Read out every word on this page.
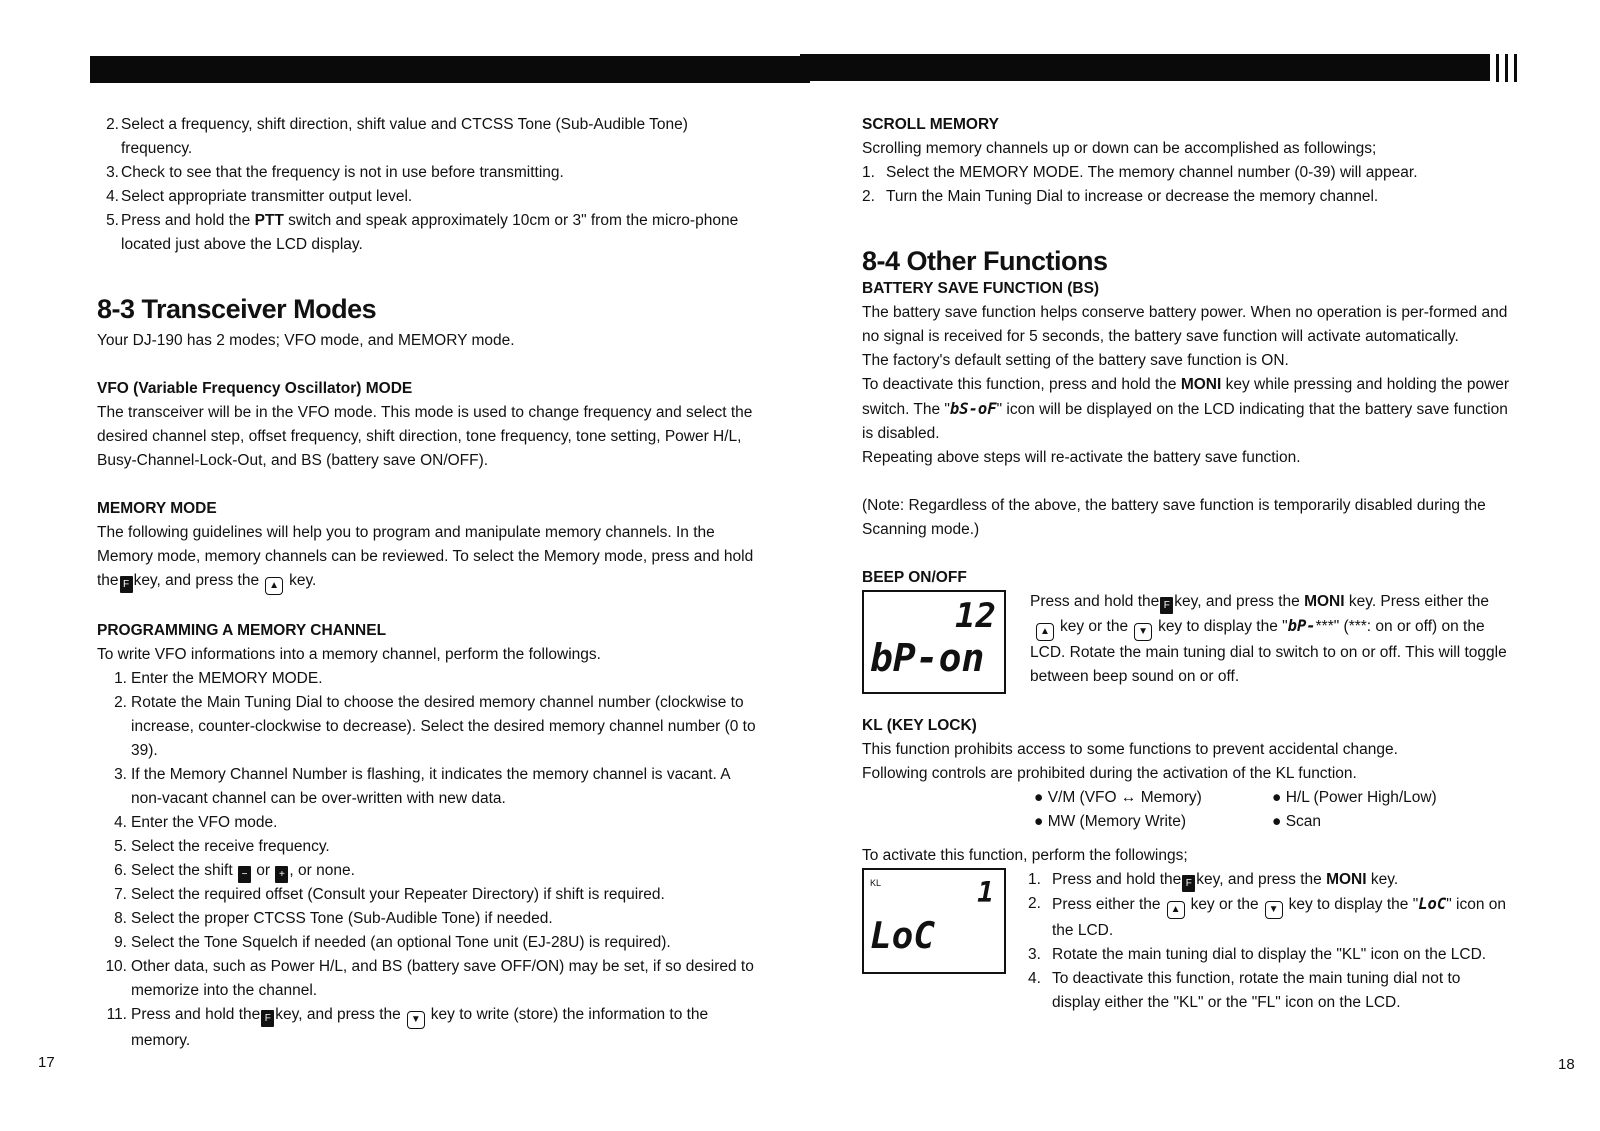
2. Select a frequency, shift direction, shift value and CTCSS Tone (Sub-Audible Tone) frequency.
3. Check to see that the frequency is not in use before transmitting.
4. Select appropriate transmitter output level.
5. Press and hold the PTT switch and speak approximately 10cm or 3" from the micro-phone located just above the LCD display.
8-3 Transceiver Modes

Your DJ-190 has 2 modes; VFO mode, and MEMORY mode.

VFO (Variable Frequency Oscillator) MODE

The transceiver will be in the VFO mode. This mode is used to change frequency and select the desired channel step, offset frequency, shift direction, tone frequency, tone setting, Power H/L, Busy-Channel-Lock-Out, and BS (battery save ON/OFF).

MEMORY MODE

The following guidelines will help you to program and manipulate memory channels. In the Memory mode, memory channels can be reviewed. To select the Memory mode, press and hold the F key, and press the ▲ key.

PROGRAMMING A MEMORY CHANNEL

To write VFO informations into a memory channel, perform the followings.

1. Enter the MEMORY MODE.
2. Rotate the Main Tuning Dial to choose the desired memory channel number (clockwise to increase, counter-clockwise to decrease). Select the desired memory channel number (0 to 39).
3. If the Memory Channel Number is flashing, it indicates the memory channel is vacant. A non-vacant channel can be over-written with new data.
4. Enter the VFO mode.
5. Select the receive frequency.
6. Select the shift − or + , or none.
7. Select the required offset (Consult your Repeater Directory) if shift is required.
8. Select the proper CTCSS Tone (Sub-Audible Tone) if needed.
9. Select the Tone Squelch if needed (an optional Tone unit (EJ-28U) is required).
10. Other data, such as Power H/L, and BS (battery save OFF/ON) may be set, if so desired to memorize into the channel.
11. Press and hold the F key, and press the ▼ key to write (store) the information to the memory.
17

SCROLL MEMORY

Scrolling memory channels up or down can be accomplished as followings;

1. Select the MEMORY MODE. The memory channel number (0-39) will appear.
2. Turn the Main Tuning Dial to increase or decrease the memory channel.
8-4 Other Functions

BATTERY SAVE FUNCTION (BS)

The battery save function helps conserve battery power. When no operation is per-formed and no signal is received for 5 seconds, the battery save function will activate automatically.

The factory's default setting of the battery save function is ON.

To deactivate this function, press and hold the MONI key while pressing and holding the power switch. The "bS-oF" icon will be displayed on the LCD indicating that the battery save function is disabled.

Repeating above steps will re-activate the battery save function.

(Note: Regardless of the above, the battery save function is temporarily disabled during the Scanning mode.)

BEEP ON/OFF

12
bP-on

Press and hold the F key, and press the MONI key. Press either the▲ key or the ▼ key to display the "bP-***" (***: on or off) on the LCD. Rotate the main tuning dial to switch to on or off. This will toggle between beep sound on or off.

KL (KEY LOCK)

This function prohibits access to some functions to prevent accidental change.

Following controls are prohibited during the activation of the KL function.

● V/M (VFO ↔ Memory)	● H/L (Power High/Low)
● MW (Memory Write)	● Scan

To activate this function, perform the followings;

KL	1
LoC
1. Press and hold the F key, and press the MONI key.
2. Press either the ▲ key or the ▼ key to display the "LoC" icon on the LCD.
3. Rotate the main tuning dial to display the "KL" icon on the LCD.
4. To deactivate this function, rotate the main tuning dial not to display either the "KL" or the "FL" icon on the LCD.
18
